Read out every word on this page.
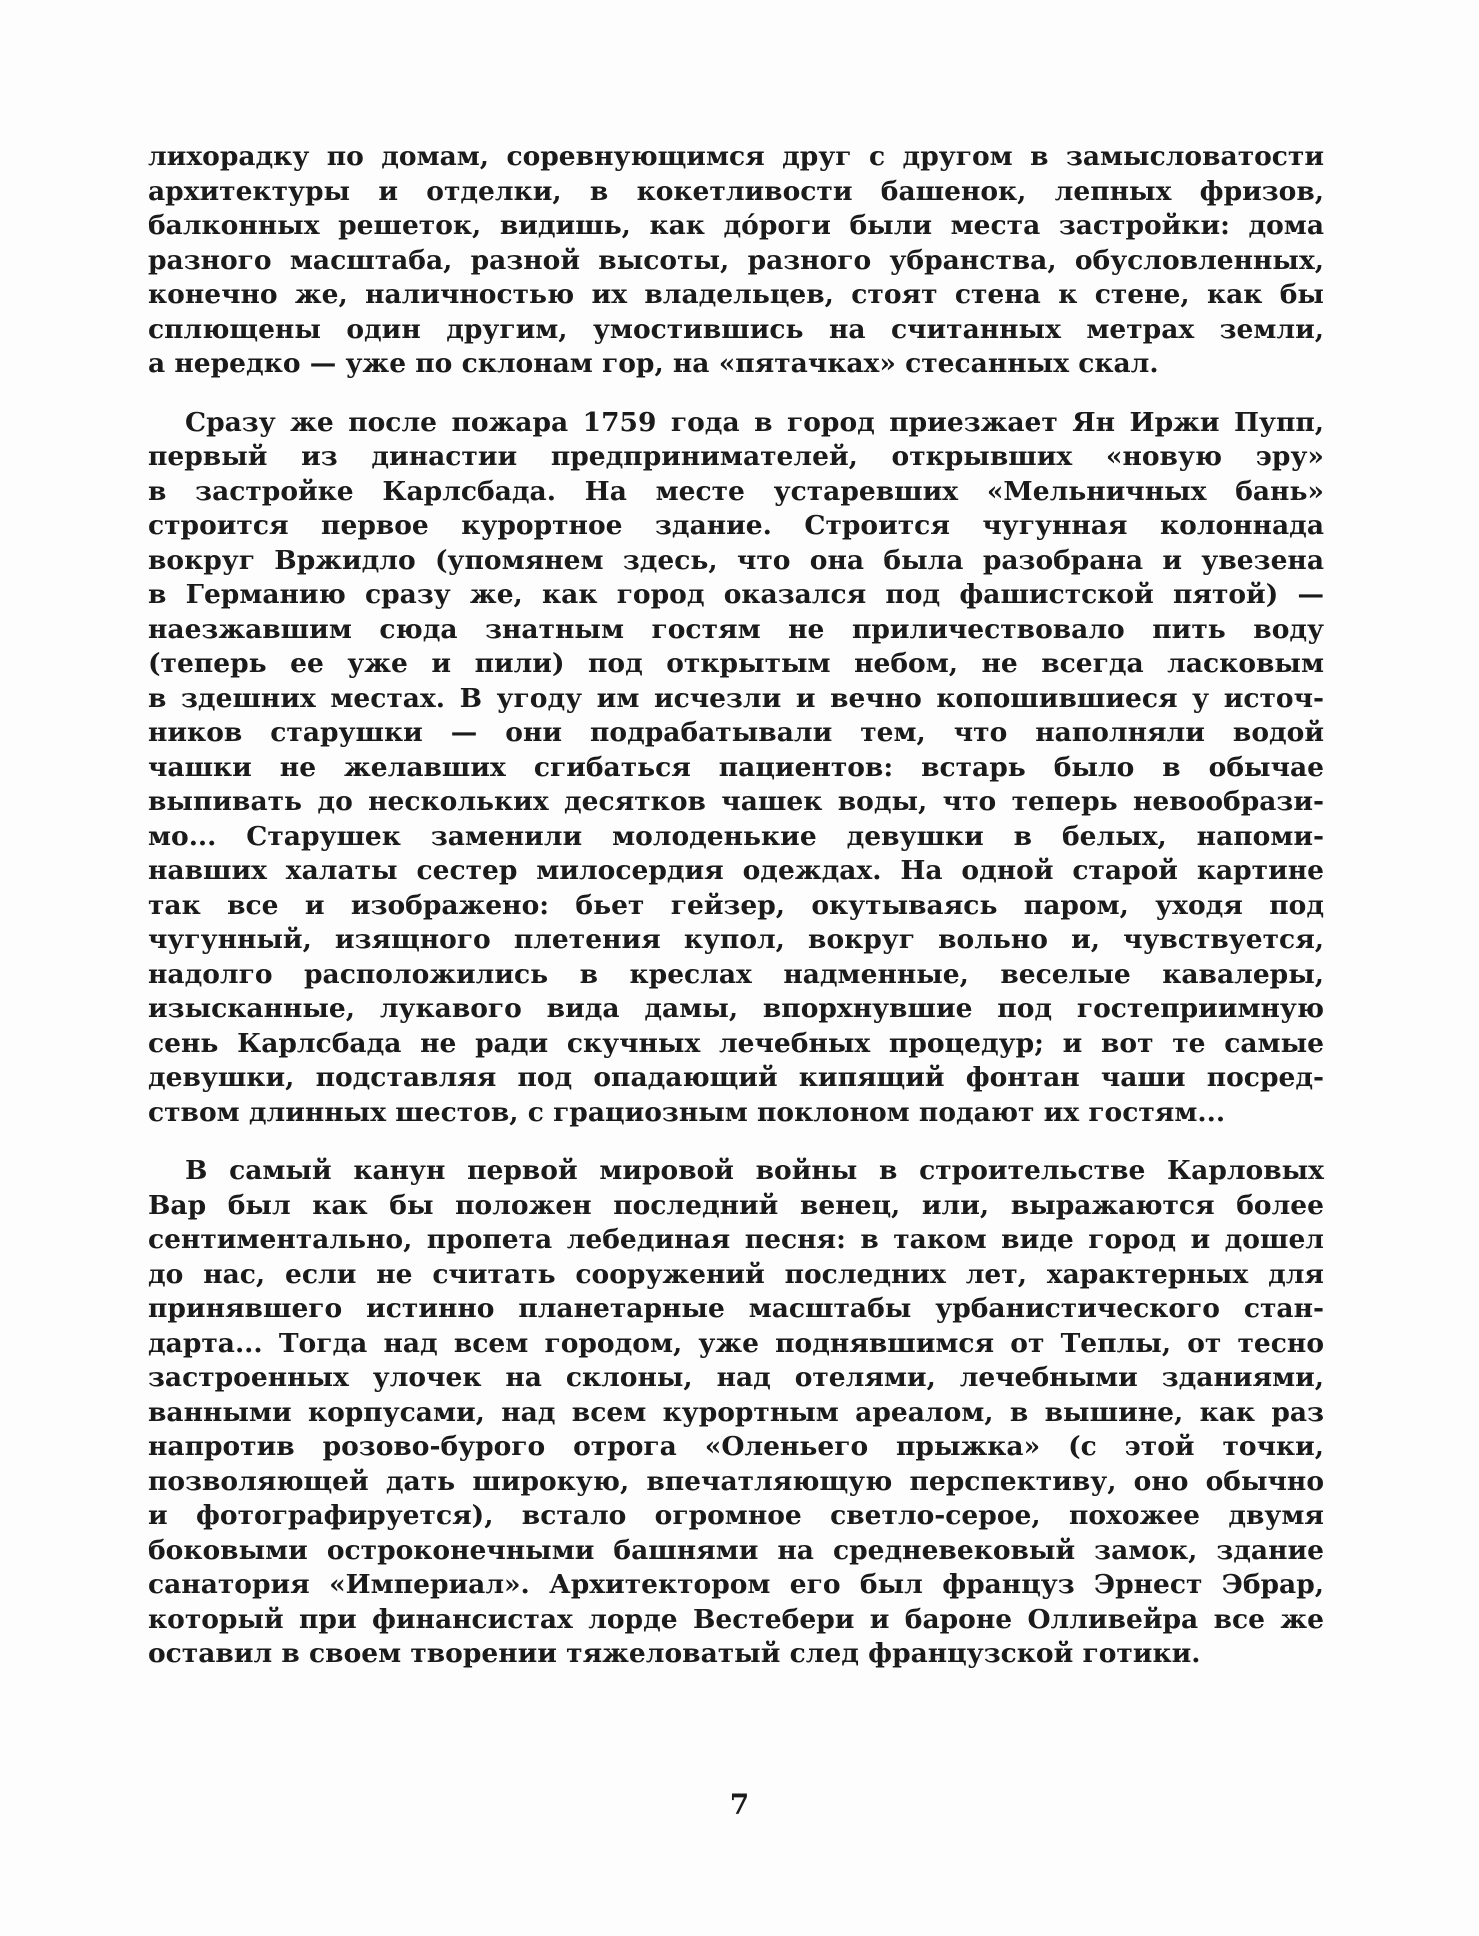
лихорадку по домам, соревнующимся друг с другом в замысловатости
архитектуры и отделки, в кокетливости башенок, лепных фризов,
балконных решеток, видишь, как до́роги были места застройки: дома
разного масштаба, разной высоты, разного убранства, обусловленных,
конечно же, наличностью их владельцев, стоят стена к стене, как бы
сплющены один другим, умостившись на считанных метрах земли,
а нередко — уже по склонам гор, на «пятачках» стесанных скал.
Сразу же после пожара 1759 года в город приезжает Ян Иржи Пупп,
первый из династии предпринимателей, открывших «новую эру»
в застройке Карлсбада. На месте устаревших «Мельничных бань»
строится первое курортное здание. Строится чугунная колоннада
вокруг Вржидло (упомянем здесь, что она была разобрана и увезена
в Германию сразу же, как город оказался под фашистской пятой) —
наезжавшим сюда знатным гостям не приличествовало пить воду
(теперь ее уже и пили) под открытым небом, не всегда ласковым
в здешних местах. В угоду им исчезли и вечно копошившиеся у источ-
ников старушки — они подрабатывали тем, что наполняли водой
чашки не желавших сгибаться пациентов: встарь было в обычае
выпивать до нескольких десятков чашек воды, что теперь невообрази-
мо... Старушек заменили молоденькие девушки в белых, напоми-
навших халаты сестер милосердия одеждах. На одной старой картине
так все и изображено: бьет гейзер, окутываясь паром, уходя под
чугунный, изящного плетения купол, вокруг вольно и, чувствуется,
надолго расположились в креслах надменные, веселые кавалеры,
изысканные, лукавого вида дамы, впорхнувшие под гостеприимную
сень Карлсбада не ради скучных лечебных процедур; и вот те самые
девушки, подставляя под опадающий кипящий фонтан чаши посред-
ством длинных шестов, с грациозным поклоном подают их гостям...
В самый канун первой мировой войны в строительстве Карловых
Вар был как бы положен последний венец, или, выражаются более
сентиментально, пропета лебединая песня: в таком виде город и дошел
до нас, если не считать сооружений последних лет, характерных для
принявшего истинно планетарные масштабы урбанистического стан-
дарта... Тогда над всем городом, уже поднявшимся от Теплы, от тесно
застроенных улочек на склоны, над отелями, лечебными зданиями,
ванными корпусами, над всем курортным ареалом, в вышине, как раз
напротив розово-бурого отрога «Оленьего прыжка» (с этой точки,
позволяющей дать широкую, впечатляющую перспективу, оно обычно
и фотографируется), встало огромное светло-серое, похожее двумя
боковыми остроконечными башнями на средневековый замок, здание
санатория «Империал». Архитектором его был француз Эрнест Эбрар,
который при финансистах лорде Вестебери и бароне Олливейра все же
оставил в своем творении тяжеловатый след французской готики.
7
